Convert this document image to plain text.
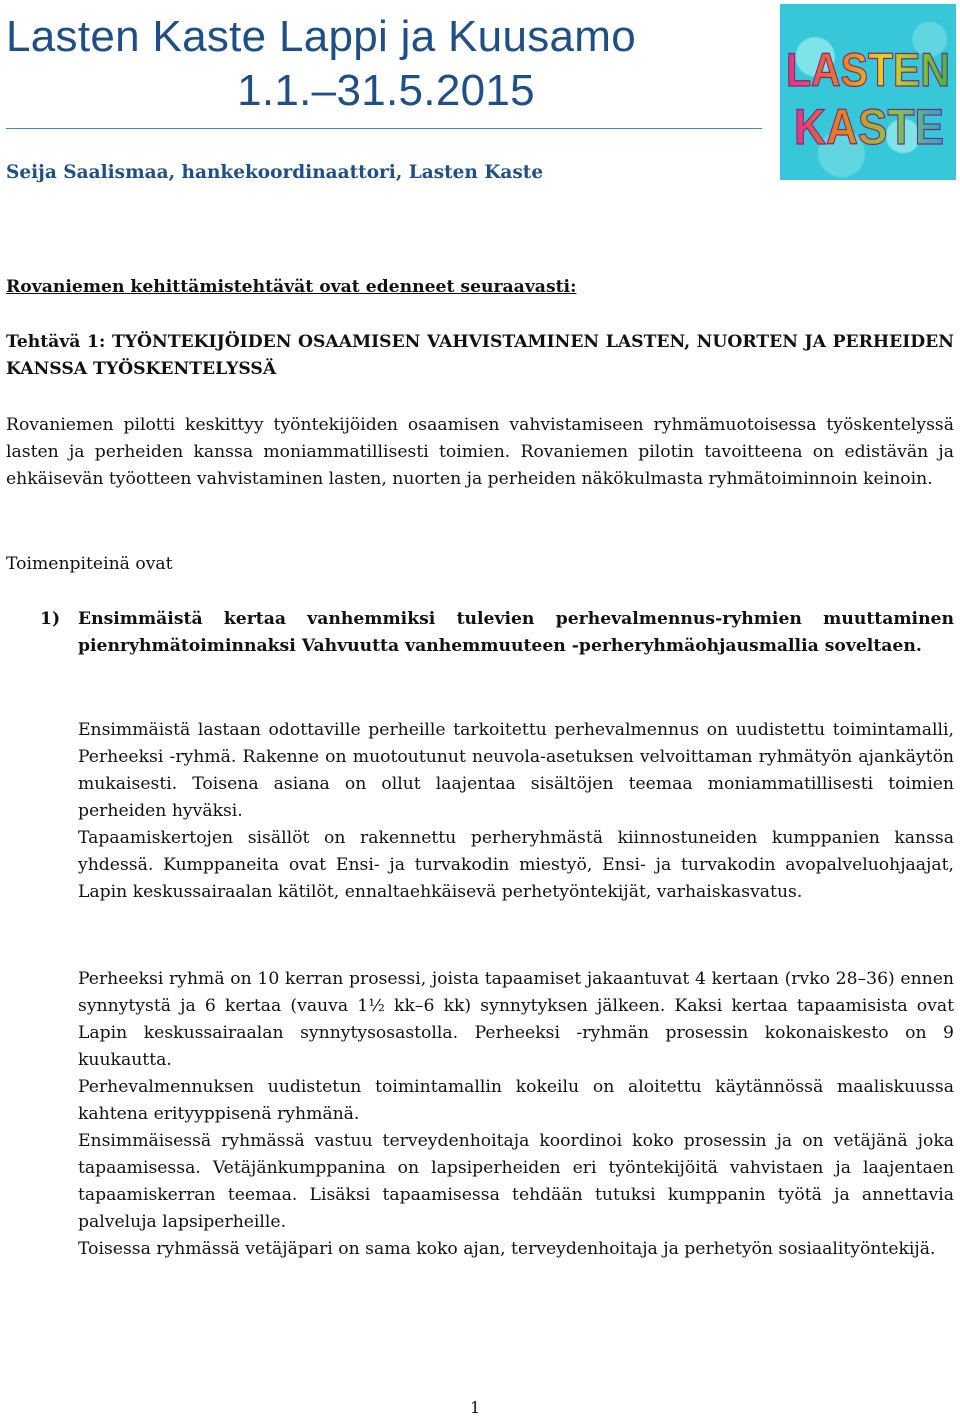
Lasten Kaste Lappi ja Kuusamo
1.1.–31.5.2015	LASTEN
KASTE
Seija Saalismaa, hankekoordinaattori, Lasten Kaste
Rovaniemen kehittämistehtävät ovat edenneet seuraavasti:
Tehtävä 1: TYÖNTEKIJÖIDEN OSAAMISEN VAHVISTAMINEN LASTEN, NUORTEN JA PERHEIDEN KANSSA TYÖSKENTELYSSÄ
Rovaniemen pilotti keskittyy työntekijöiden osaamisen vahvistamiseen ryhmämuotoisessa työskentelyssä lasten ja perheiden kanssa moniammatillisesti toimien. Rovaniemen pilotin tavoitteena on edistävän ja ehkäisevän työotteen vahvistaminen lasten, nuorten ja perheiden näkökulmasta ryhmätoiminnoin keinoin.
Toimenpiteinä ovat
1) Ensimmäistä kertaa vanhemmiksi tulevien perhevalmennus-ryhmien muuttaminen pienryhmätoiminnaksi Vahvuutta vanhemmuuteen -perheryhmäohjausmallia soveltaen.

Ensimmäistä lastaan odottaville perheille tarkoitettu perhevalmennus on uudistettu toimintamalli, Perheeksi -ryhmä. Rakenne on muotoutunut neuvola-asetuksen velvoittaman ryhmätyön ajankäytön mukaisesti. Toisena asiana on ollut laajentaa sisältöjen teemaa moniammatillisesti toimien perheiden hyväksi.

Tapaamiskertojen sisällöt on rakennettu perheryhmästä kiinnostuneiden kumppanien kanssa yhdessä. Kumppaneita ovat Ensi- ja turvakodin miestyö, Ensi- ja turvakodin avopalveluohjaajat, Lapin keskussairaalan kätilöt, ennaltaehkäisevä perhetyöntekijät, varhaiskasvatus.

Perheeksi ryhmä on 10 kerran prosessi, joista tapaamiset jakaantuvat 4 kertaan (rvko 28–36) ennen synnytystä ja 6 kertaa (vauva 1½ kk–6 kk) synnytyksen jälkeen. Kaksi kertaa tapaamisista ovat Lapin keskussairaalan synnytysosastolla. Perheeksi -ryhmän prosessin kokonaiskesto on 9 kuukautta.

Perhevalmennuksen uudistetun toimintamallin kokeilu on aloitettu käytännössä maaliskuussa kahtena erityyppisenä ryhmänä.

Ensimmäisessä ryhmässä vastuu terveydenhoitaja koordinoi koko prosessin ja on vetäjänä joka tapaamisessa. Vetäjänkumppanina on lapsiperheiden eri työntekijöitä vahvistaen ja laajentaen tapaamiskerran teemaa. Lisäksi tapaamisessa tehdään tutuksi kumppanin työtä ja annettavia palveluja lapsiperheille.

Toisessa ryhmässä vetäjäpari on sama koko ajan, terveydenhoitaja ja perhetyön sosiaalityöntekijä.

1
